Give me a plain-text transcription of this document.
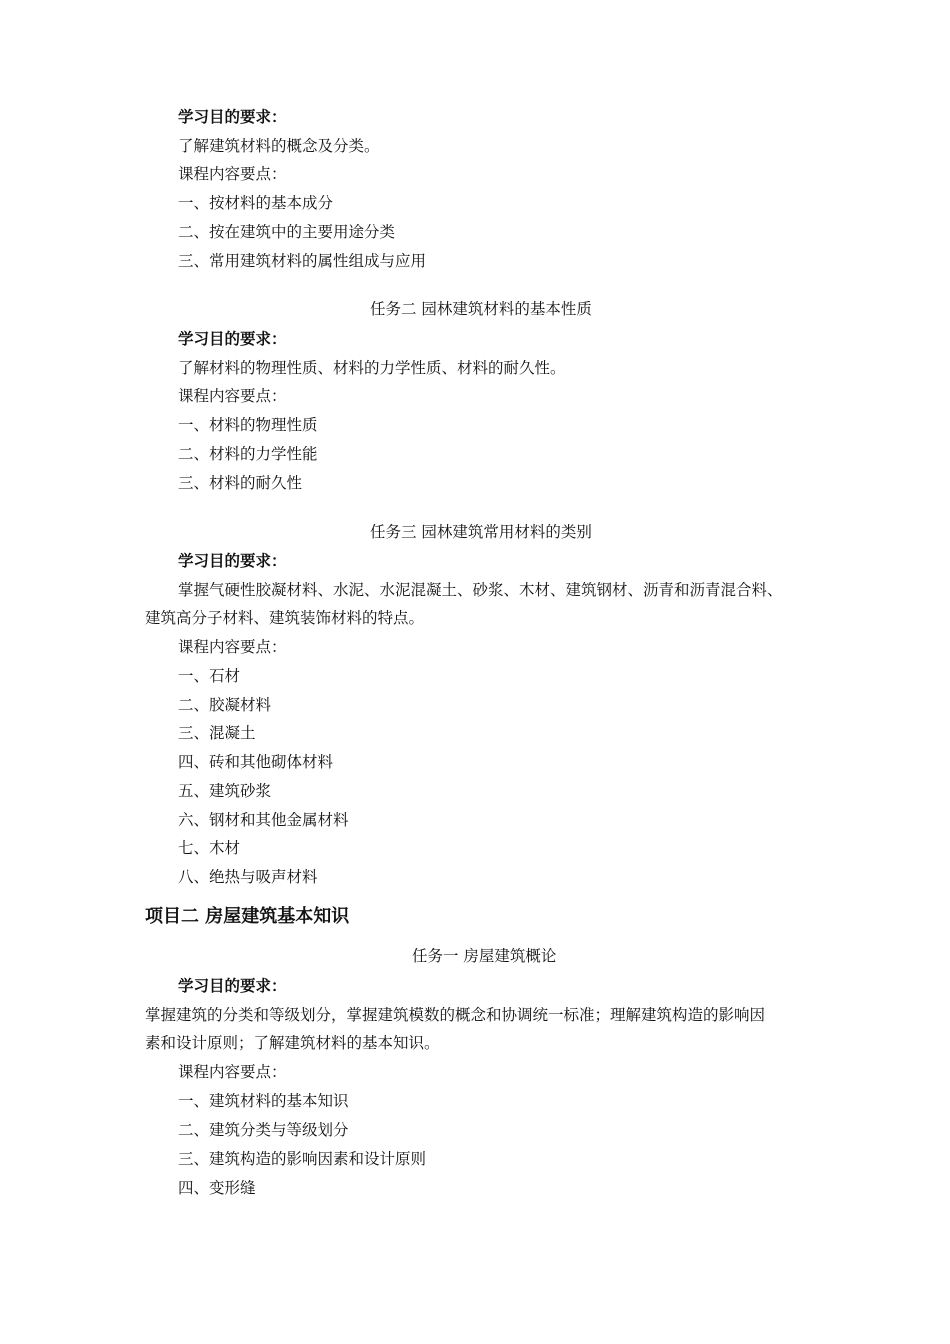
学习目的要求：

了解建筑材料的概念及分类。

课程内容要点：

一、按材料的基本成分

二、按在建筑中的主要用途分类

三、常用建筑材料的属性组成与应用

任务二 园林建筑材料的基本性质

学习目的要求：

了解材料的物理性质、材料的力学性质、材料的耐久性。

课程内容要点：

一、材料的物理性质

二、材料的力学性能

三、材料的耐久性

任务三 园林建筑常用材料的类别

学习目的要求：

掌握气硬性胶凝材料、水泥、水泥混凝土、砂浆、木材、建筑钢材、沥青和沥青混合料、

建筑高分子材料、建筑装饰材料的特点。

课程内容要点：

一、石材

二、胶凝材料

三、混凝土

四、砖和其他砌体材料

五、建筑砂浆

六、钢材和其他金属材料

七、木材

八、绝热与吸声材料

项目二 房屋建筑基本知识

任务一 房屋建筑概论

学习目的要求：

掌握建筑的分类和等级划分，掌握建筑模数的概念和协调统一标准；理解建筑构造的影响因

素和设计原则；了解建筑材料的基本知识。

课程内容要点：

一、建筑材料的基本知识

二、建筑分类与等级划分

三、建筑构造的影响因素和设计原则

四、变形缝
